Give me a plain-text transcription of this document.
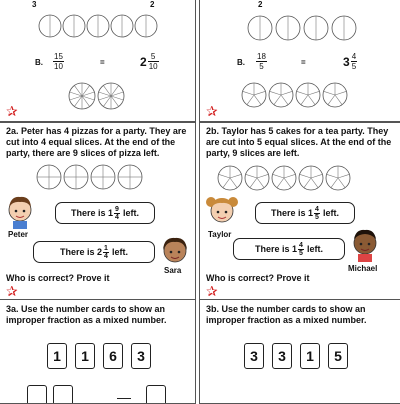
3	2
B. $\frac{15}{10}$	=	$2 \frac{5}{10}$
✰
2
B. $\frac{18}{5}$	=	$3 \frac{4}{5}$
✰
2a. Peter has 4 pizzas for a party. They are cut into 4 equal slices. At the end of the party, there are 9 slices of pizza left.
Peter
There is $1 \frac{9}{4}$ left.
There is $2 \frac{1}{4}$ left.
Sara
Who is correct? Prove it
✰
2b. Taylor has 5 cakes for a tea party. They are cut into 5 equal slices. At the end of the party, 9 slices are left.
Taylor
There is $1 \frac{4}{5}$ left.
There is $1 \frac{4}{5}$ left.
Michael
Who is correct? Prove it
✰
3a. Use the number cards to show an improper fraction as a mixed number.
1	1	6	3
3b. Use the number cards to show an improper fraction as a mixed number.
3	3	1	5
